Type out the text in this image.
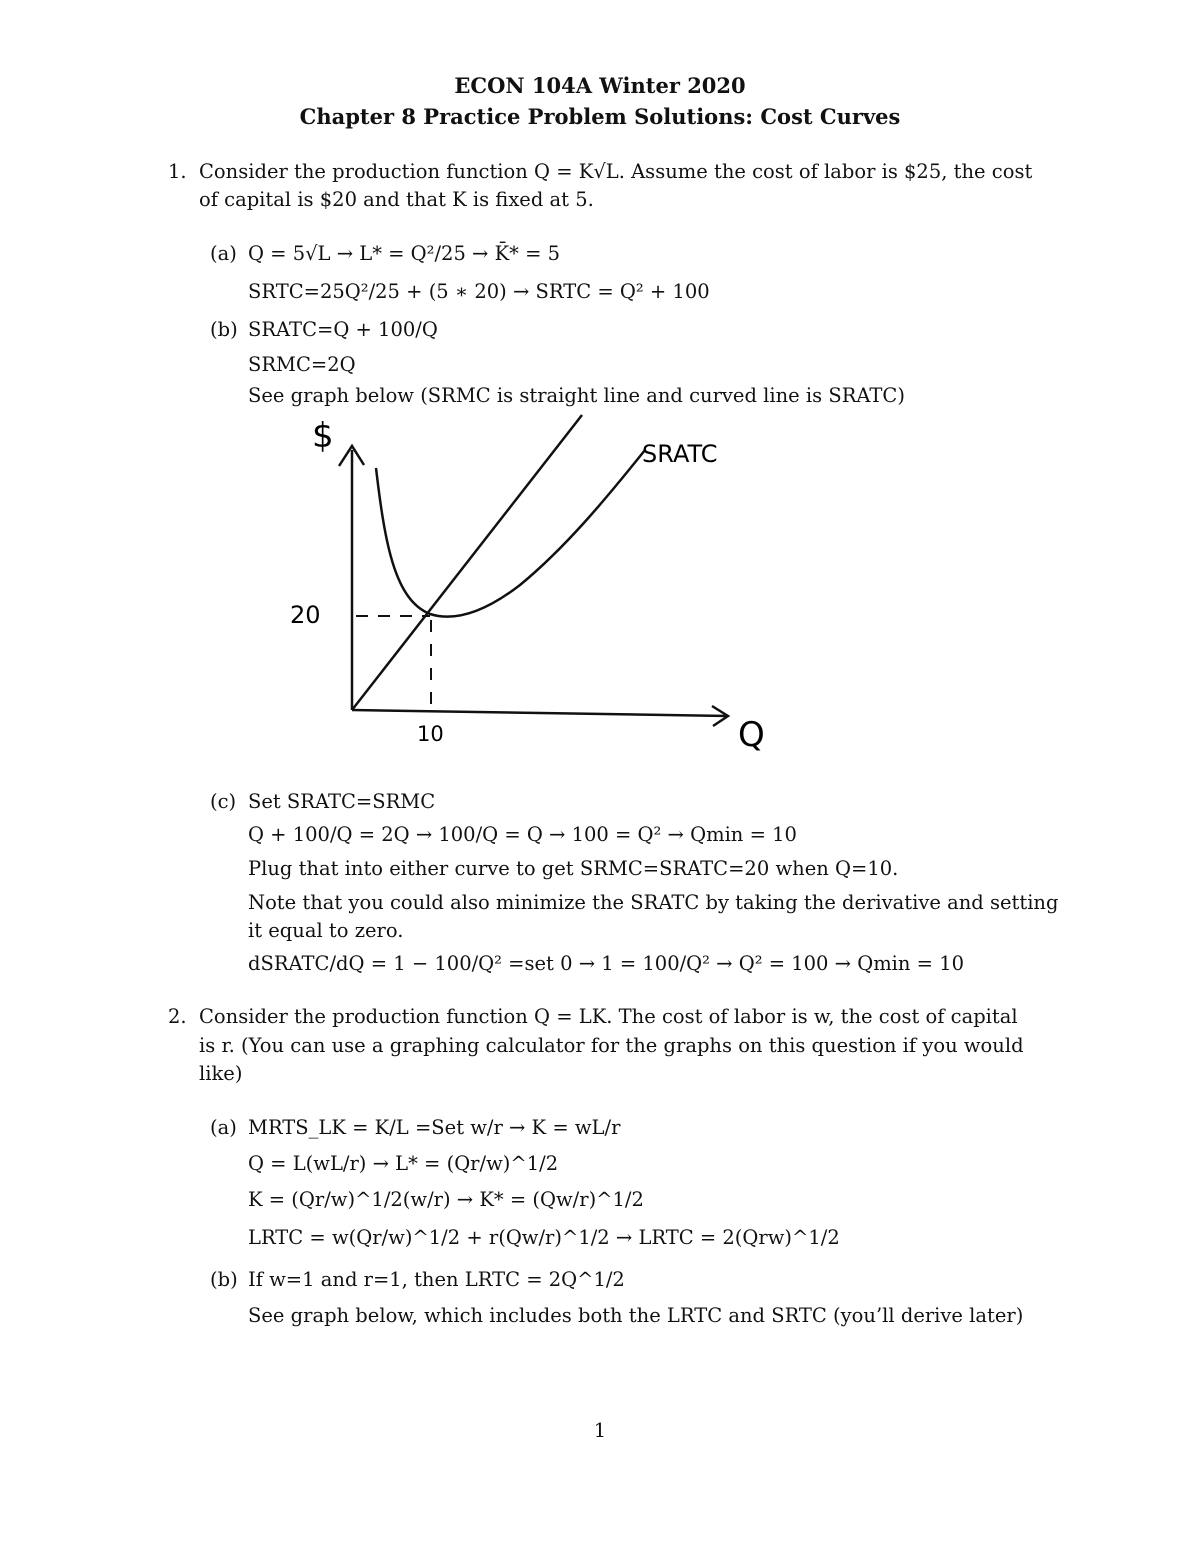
ECON 104A Winter 2020
Chapter 8 Practice Problem Solutions: Cost Curves
1. Consider the production function Q = K√L. Assume the cost of labor is $25, the cost
of capital is $20 and that K is fixed at 5.
(a) Q = 5√L → L* = Q²/25 → K̄* = 5
SRTC=25Q²/25 + (5 ∗ 20) → SRTC = Q² + 100
(b) SRATC=Q + 100/Q
SRMC=2Q
See graph below (SRMC is straight line and curved line is SRATC)
$
Q
SRATC
20
10
(c) Set SRATC=SRMC
Q + 100/Q = 2Q → 100/Q = Q → 100 = Q² → Qmin = 10
Plug that into either curve to get SRMC=SRATC=20 when Q=10.
Note that you could also minimize the SRATC by taking the derivative and setting
it equal to zero.
dSRATC/dQ = 1 − 100/Q² =set 0 → 1 = 100/Q² → Q² = 100 → Qmin = 10
2. Consider the production function Q = LK. The cost of labor is w, the cost of capital
is r. (You can use a graphing calculator for the graphs on this question if you would
like)
(a) MRTS_LK = K/L =Set w/r → K = wL/r
Q = L(wL/r) → L* = (Qr/w)^1/2
K = (Qr/w)^1/2(w/r) → K* = (Qw/r)^1/2
LRTC = w(Qr/w)^1/2 + r(Qw/r)^1/2 → LRTC = 2(Qrw)^1/2
(b) If w=1 and r=1, then LRTC = 2Q^1/2
See graph below, which includes both the LRTC and SRTC (you’ll derive later)
1
